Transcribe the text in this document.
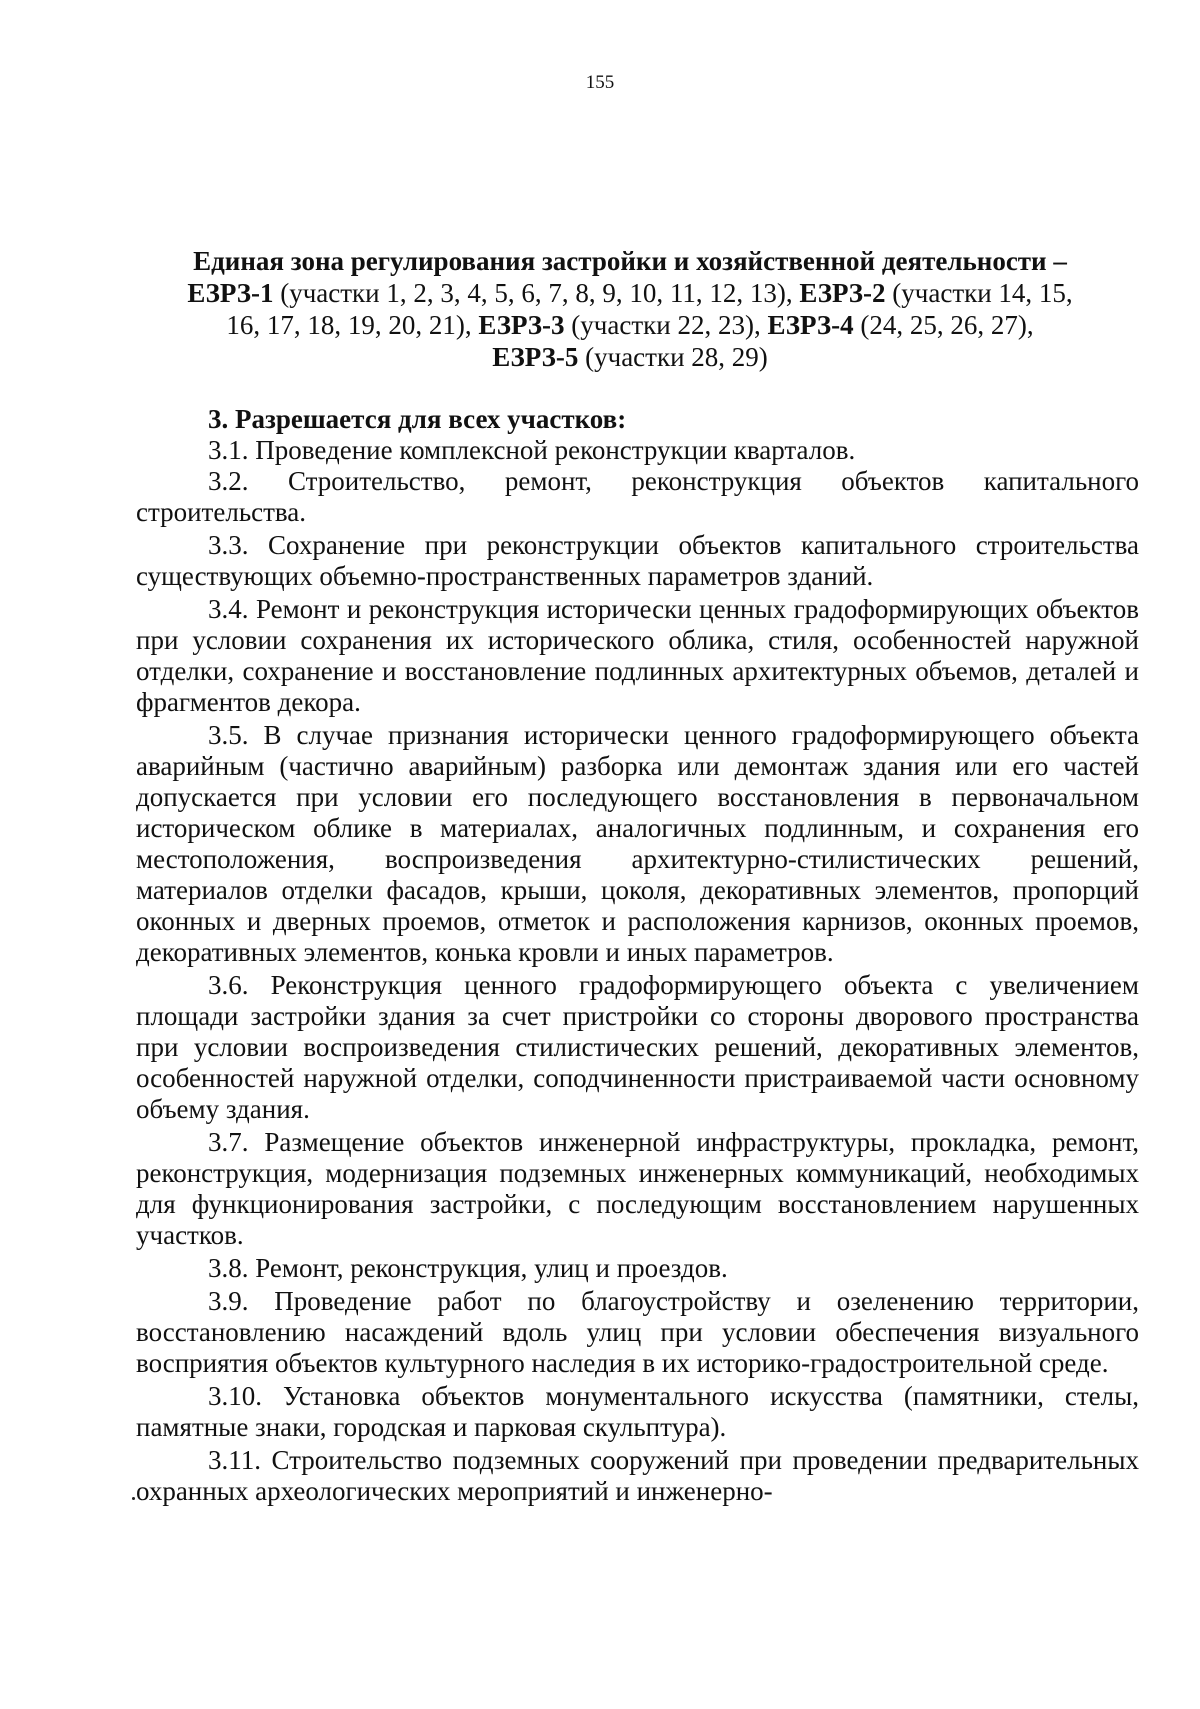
155
Единая зона регулирования застройки и хозяйственной деятельности –
ЕЗРЗ-1 (участки 1, 2, 3, 4, 5, 6, 7, 8, 9, 10, 11, 12, 13), ЕЗРЗ-2 (участки 14, 15,
16, 17, 18, 19, 20, 21), ЕЗРЗ-3 (участки 22, 23), ЕЗРЗ-4 (24, 25, 26, 27),
ЕЗРЗ-5 (участки 28, 29)

3. Разрешается для всех участков:

3.1. Проведение комплексной реконструкции кварталов.

3.2. Строительство, ремонт, реконструкция объектов капитального строительства.

3.3. Сохранение при реконструкции объектов капитального строительства существующих объемно-пространственных параметров зданий.

3.4. Ремонт и реконструкция исторически ценных градоформирующих объектов при условии сохранения их исторического облика, стиля, особенностей наружной отделки, сохранение и восстановление подлинных архитектурных объемов, деталей и фрагментов декора.

3.5. В случае признания исторически ценного градоформирующего объекта аварийным (частично аварийным) разборка или демонтаж здания или его частей допускается при условии его последующего восстановления в первоначальном историческом облике в материалах, аналогичных подлинным, и сохранения его местоположения, воспроизведения архитектурно-стилистических решений, материалов отделки фасадов, крыши, цоколя, декоративных элементов, пропорций оконных и дверных проемов, отметок и расположения карнизов, оконных проемов, декоративных элементов, конька кровли и иных параметров.

3.6. Реконструкция ценного градоформирующего объекта с увеличением площади застройки здания за счет пристройки со стороны дворового пространства при условии воспроизведения стилистических решений, декоративных элементов, особенностей наружной отделки, соподчиненности пристраиваемой части основному объему здания.

3.7. Размещение объектов инженерной инфраструктуры, прокладка, ремонт, реконструкция, модернизация подземных инженерных коммуникаций, необходимых для функционирования застройки, с последующим восстановлением нарушенных участков.

3.8. Ремонт, реконструкция, улиц и проездов.

3.9. Проведение работ по благоустройству и озеленению территории, восстановлению насаждений вдоль улиц при условии обеспечения визуального восприятия объектов культурного наследия в их историко-градостроительной среде.

3.10. Установка объектов монументального искусства (памятники, стелы, памятные знаки, городская и парковая скульптура).

3.11. Строительство подземных сооружений при проведении предварительных охранных археологических мероприятий и инженерно-
